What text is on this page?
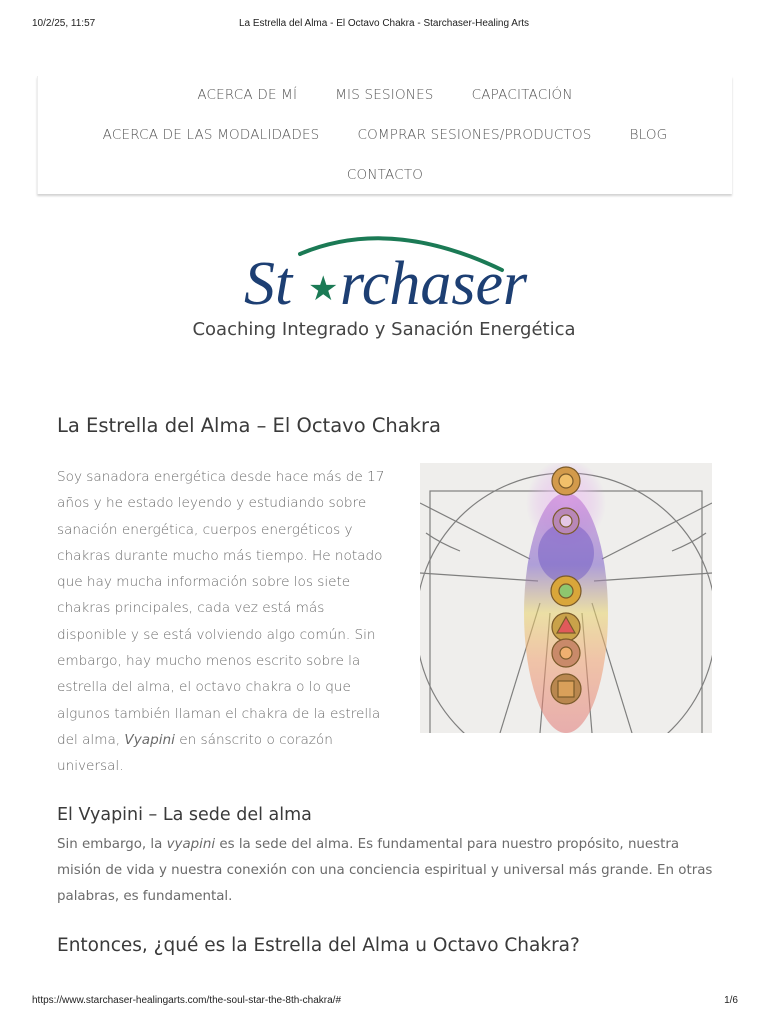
10/2/25, 11:57	La Estrella del Alma - El Octavo Chakra - Starchaser-Healing Arts
ACERCA DE MÍ	MIS SESIONES	CAPACITACIÓN
ACERCA DE LAS MODALIDADES	COMPRAR SESIONES/PRODUCTOS	BLOG
CONTACTO
St ★ rchaser
Coaching Integrado y Sanación Energética
La Estrella del Alma – El Octavo Chakra
Soy sanadora energética desde hace más de 17 años y he estado leyendo y estudiando sobre sanación energética, cuerpos energéticos y chakras durante mucho más tiempo. He notado que hay mucha información sobre los siete chakras principales, cada vez está más disponible y se está volviendo algo común. Sin embargo, hay mucho menos escrito sobre la estrella del alma, el octavo chakra o lo que algunos también llaman el chakra de la estrella del alma, Vyapini en sánscrito o corazón universal.
El Vyapini – La sede del alma
Sin embargo, la vyapini es la sede del alma. Es fundamental para nuestro propósito, nuestra misión de vida y nuestra conexión con una conciencia espiritual y universal más grande. En otras palabras, es fundamental.
Entonces, ¿qué es la Estrella del Alma u Octavo Chakra?
https://www.starchaser-healingarts.com/the-soul-star-the-8th-chakra/#	1/6
